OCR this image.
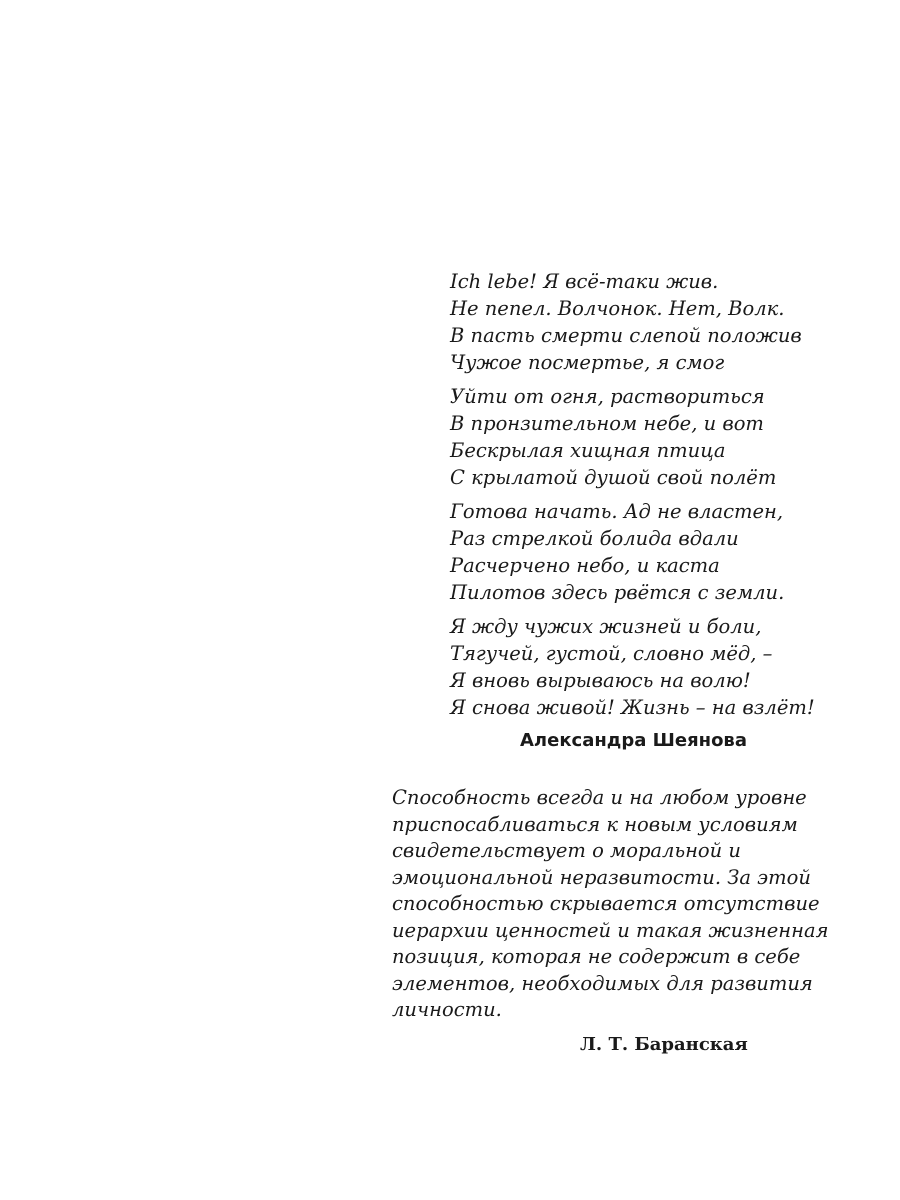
Ich lebe! Я всё-таки жив.
Не пепел. Волчонок. Нет, Волк.
В пасть смерти слепой положив
Чужое посмертье, я смог
Уйти от огня, раствориться
В пронзительном небе, и вот
Бескрылая хищная птица
С крылатой душой свой полёт
Готова начать. Ад не властен,
Раз стрелкой болида вдали
Расчерчено небо, и каста
Пилотов здесь рвётся с земли.
Я жду чужих жизней и боли,
Тягучей, густой, словно мёд, –
Я вновь вырываюсь на волю!
Я снова живой! Жизнь – на взлёт!
Александра Шеянова
Способность всегда и на любом уровне
приспосабливаться к новым условиям
свидетельствует о моральной и
эмоциональной неразвитости. За этой
способностью скрывается отсутствие
иерархии ценностей и такая жизненная
позиция, которая не содержит в себе
элементов, необходимых для развития
личности.
Л. Т. Баранская
